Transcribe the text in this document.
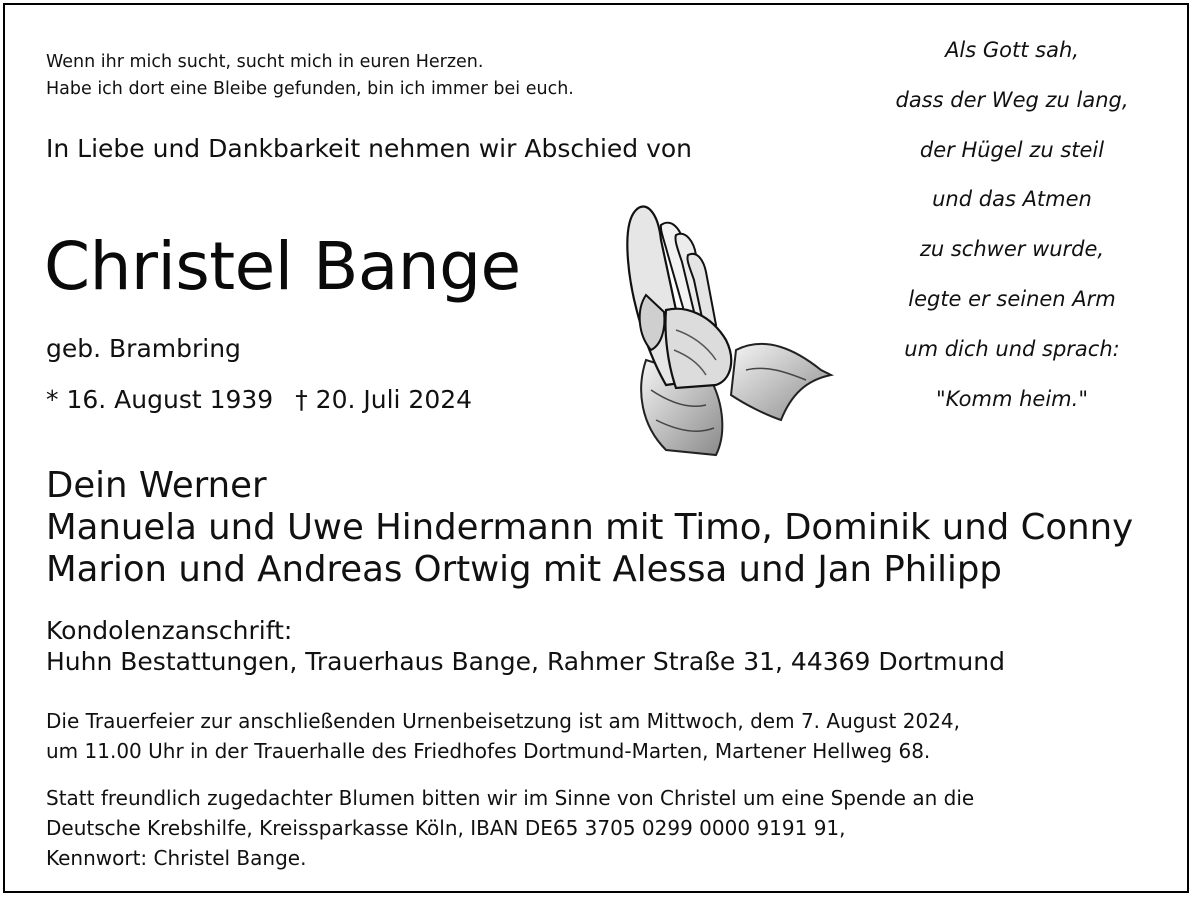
Wenn ihr mich sucht, sucht mich in euren Herzen.
Habe ich dort eine Bleibe gefunden, bin ich immer bei euch.
In Liebe und Dankbarkeit nehmen wir Abschied von
Christel Bange
geb. Brambring
* 16. August 1939 † 20. Juli 2024
Als Gott sah,
dass der Weg zu lang,
der Hügel zu steil
und das Atmen
zu schwer wurde,
legte er seinen Arm
um dich und sprach:
"Komm heim."
Dein Werner
Manuela und Uwe Hindermann mit Timo, Dominik und Conny
Marion und Andreas Ortwig mit Alessa und Jan Philipp
Kondolenzanschrift:
Huhn Bestattungen, Trauerhaus Bange, Rahmer Straße 31, 44369 Dortmund
Die Trauerfeier zur anschließenden Urnenbeisetzung ist am Mittwoch, dem 7. August 2024,
um 11.00 Uhr in der Trauerhalle des Friedhofes Dortmund-Marten, Martener Hellweg 68.
Statt freundlich zugedachter Blumen bitten wir im Sinne von Christel um eine Spende an die
Deutsche Krebshilfe, Kreissparkasse Köln, IBAN DE65 3705 0299 0000 9191 91,
Kennwort: Christel Bange.
